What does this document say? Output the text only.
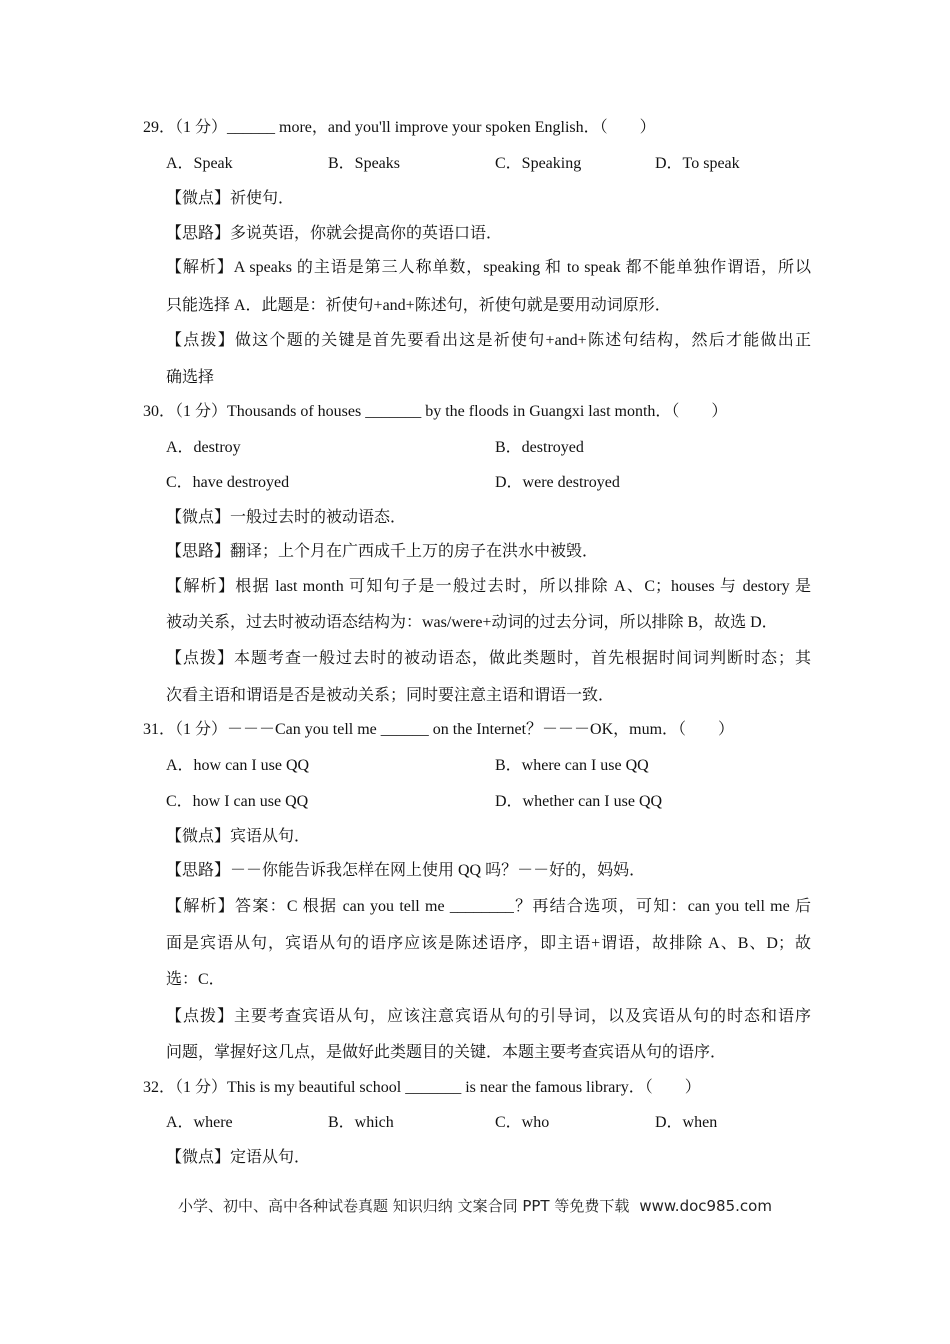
29．（1 分）______ more，and you'll improve your spoken English．（　　）
A．Speak	B．Speaks	C．Speaking	D．To speak
【微点】祈使句．
【思路】多说英语，你就会提高你的英语口语．
【解析】A speaks 的主语是第三人称单数，speaking 和 to speak 都不能单独作谓语，所以
只能选择 A．此题是：祈使句+and+陈述句，祈使句就是要用动词原形．
【点拨】做这个题的关键是首先要看出这是祈使句+and+陈述句结构，然后才能做出正
确选择
30．（1 分）Thousands of houses _______ by the floods in Guangxi last month．（　　）
A．destroy	B．destroyed
C．have destroyed	D．were destroyed
【微点】一般过去时的被动语态．
【思路】翻译；上个月在广西成千上万的房子在洪水中被毁．
【解析】根据 last month 可知句子是一般过去时，所以排除 A、C；houses 与 destory 是
被动关系，过去时被动语态结构为：was/were+动词的过去分词，所以排除 B，故选 D．
【点拨】本题考查一般过去时的被动语态，做此类题时，首先根据时间词判断时态；其
次看主语和谓语是否是被动关系；同时要注意主语和谓语一致．
31．（1 分）－－－Can you tell me ______ on the Internet？－－－OK，mum．（　　）
A．how can I use QQ	B．where can I use QQ
C．how I can use QQ	D．whether can I use QQ
【微点】宾语从句．
【思路】－－你能告诉我怎样在网上使用 QQ 吗？－－好的，妈妈．
【解析】答案：C 根据 can you tell me ________？再结合选项，可知：can you tell me 后
面是宾语从句，宾语从句的语序应该是陈述语序，即主语+谓语，故排除 A、B、D；故
选：C．
【点拨】主要考查宾语从句，应该注意宾语从句的引导词，以及宾语从句的时态和语序
问题，掌握好这几点，是做好此类题目的关键．本题主要考查宾语从句的语序．
32．（1 分）This is my beautiful school _______ is near the famous library．（　　）
A．where	B．which	C．who	D．when
【微点】定语从句．
小学、初中、高中各种试卷真题 知识归纳 文案合同 PPT 等免费下载 www.doc985.com
